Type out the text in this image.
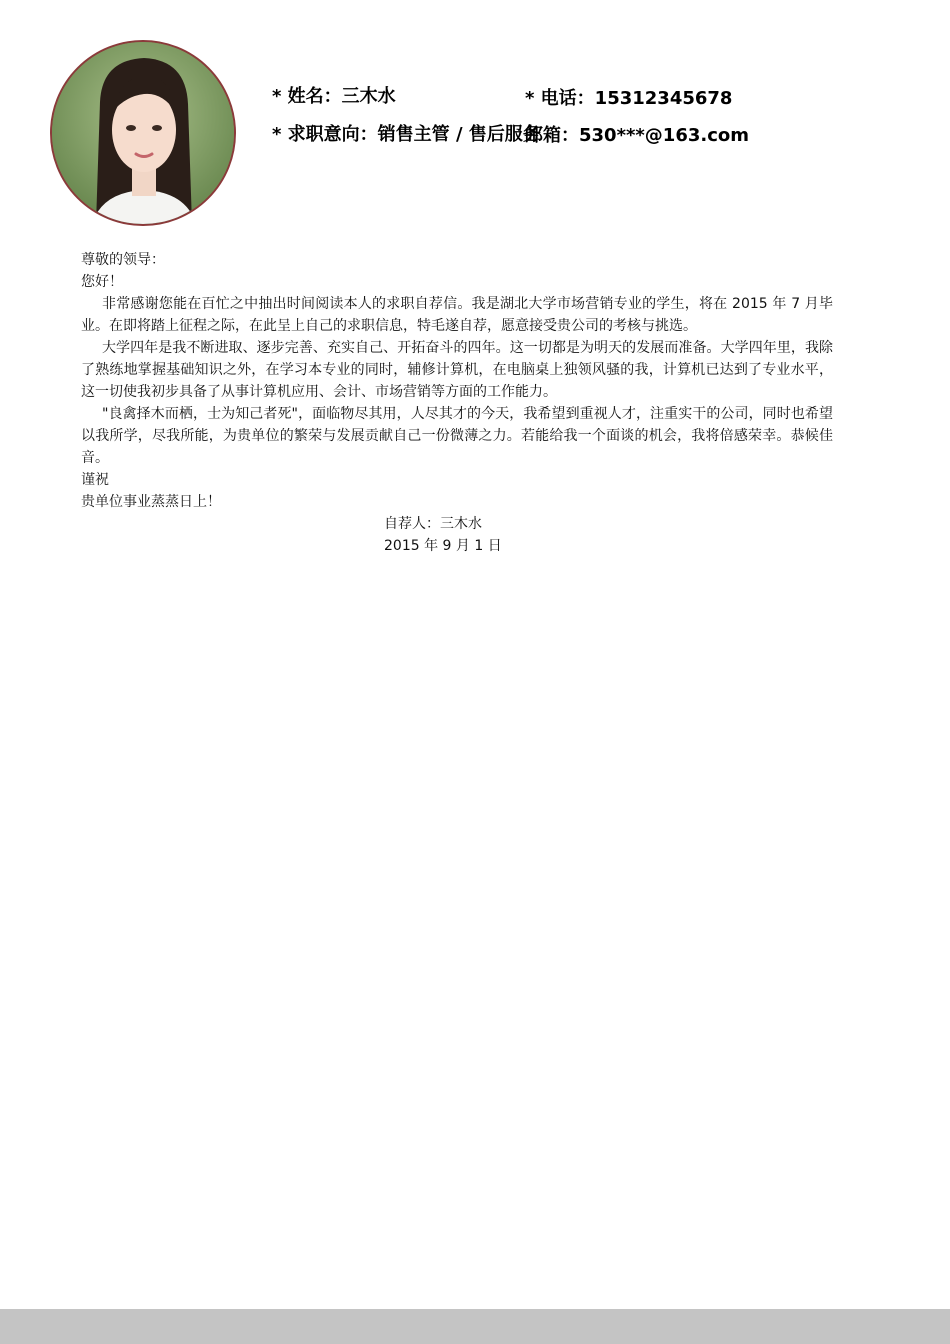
* 姓名：三木水	* 电话：15312345678
* 求职意向：销售主管 / 售后服务
邮箱：530***@163.com

尊敬的领导：

您好！

非常感谢您能在百忙之中抽出时间阅读本人的求职自荐信。我是湖北大学市场营销专业的学生，将在 2015 年 7 月毕业。在即将踏上征程之际，在此呈上自己的求职信息，特毛遂自荐，愿意接受贵公司的考核与挑选。

大学四年是我不断进取、逐步完善、充实自己、开拓奋斗的四年。这一切都是为明天的发展而准备。大学四年里，我除了熟练地掌握基础知识之外，在学习本专业的同时，辅修计算机，在电脑桌上独领风骚的我，计算机已达到了专业水平，这一切使我初步具备了从事计算机应用、会计、市场营销等方面的工作能力。

"良禽择木而栖，士为知己者死"，面临物尽其用，人尽其才的今天，我希望到重视人才，注重实干的公司，同时也希望以我所学，尽我所能，为贵单位的繁荣与发展贡献自己一份微薄之力。若能给我一个面谈的机会，我将倍感荣幸。恭候佳音。

谨祝

贵单位事业蒸蒸日上！

自荐人：三木水

2015 年 9 月 1 日
